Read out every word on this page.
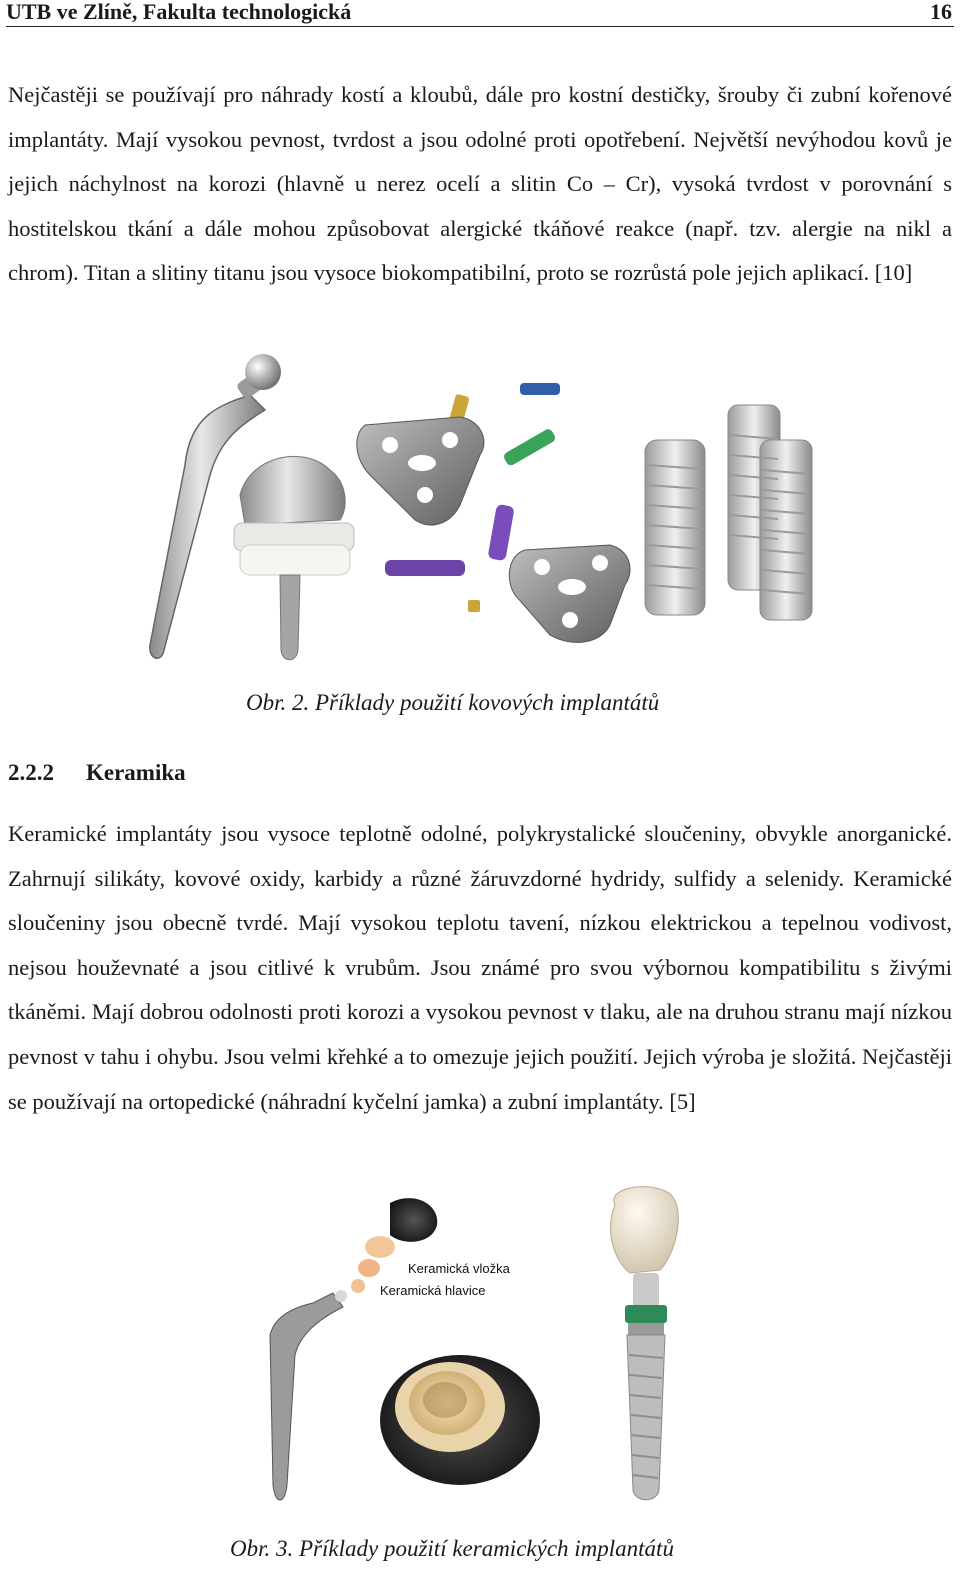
UTB ve Zlíně, Fakulta technologická	16

Nejčastěji se používají pro náhrady kostí a kloubů, dále pro kostní destičky, šrouby či zubní kořenové implantáty. Mají vysokou pevnost, tvrdost a jsou odolné proti opotřebení. Největší nevýhodou kovů je jejich náchylnost na korozi (hlavně u nerez ocelí a slitin Co – Cr), vysoká tvrdost v porovnání s hostitelskou tkání a dále mohou způsobovat alergické tkáňové reakce (např. tzv. alergie na nikl a chrom). Titan a slitiny titanu jsou vysoce biokompatibilní, proto se rozrůstá pole jejich aplikací. [10]

Obr. 2. Příklady použití kovových implantátů
2.2.2 Keramika

Keramické implantáty jsou vysoce teplotně odolné, polykrystalické sloučeniny, obvykle anorganické. Zahrnují silikáty, kovové oxidy, karbidy a různé žáruvzdorné hydridy, sulfidy a selenidy. Keramické sloučeniny jsou obecně tvrdé. Mají vysokou teplotu tavení, nízkou elektrickou a tepelnou vodivost, nejsou houževnaté a jsou citlivé k vrubům. Jsou známé pro svou výbornou kompatibilitu s živými tkáněmi. Mají dobrou odolnosti proti korozi a vysokou pevnost v tlaku, ale na druhou stranu mají nízkou pevnost v tahu i ohybu. Jsou velmi křehké a to omezuje jejich použití. Jejich výroba je složitá. Nejčastěji se používají na ortopedické (náhradní kyčelní jamka) a zubní implantáty. [5]

Keramická vložka
Keramická hlavice
Obr. 3. Příklady použití keramických implantátů
